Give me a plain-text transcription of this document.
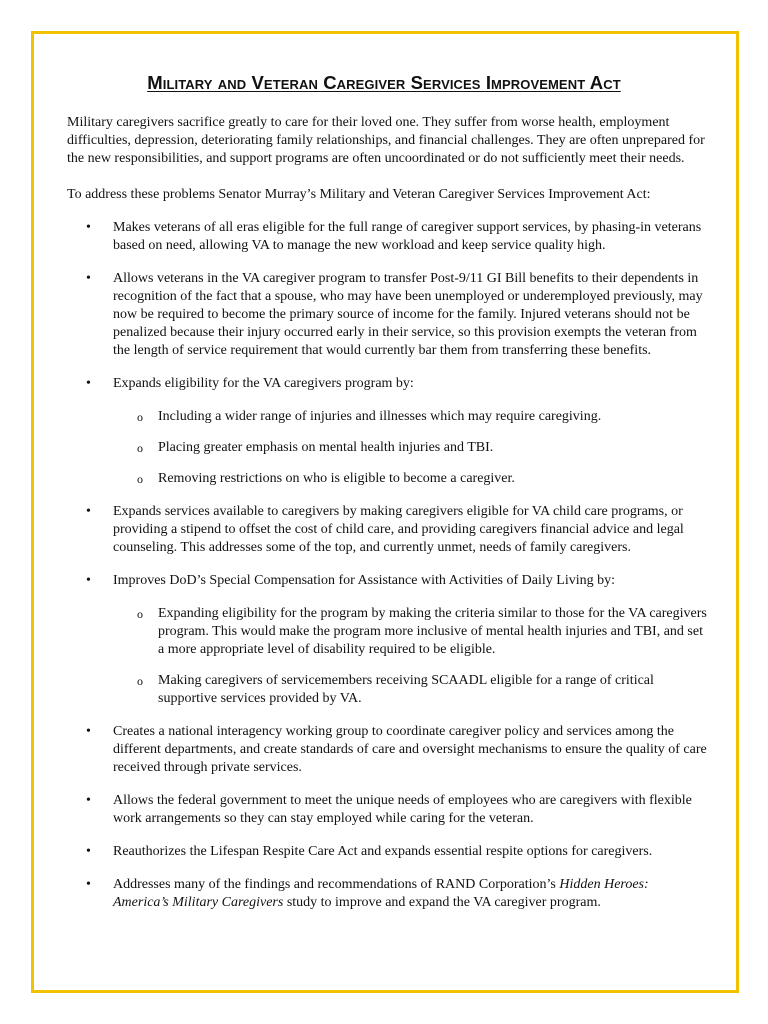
Military and Veteran Caregiver Services Improvement Act

Military caregivers sacrifice greatly to care for their loved one. They suffer from worse health, employment difficulties, depression, deteriorating family relationships, and financial challenges. They are often unprepared for the new responsibilities, and support programs are often uncoordinated or do not sufficiently meet their needs.

To address these problems Senator Murray’s Military and Veteran Caregiver Services Improvement Act:

• Makes veterans of all eras eligible for the full range of caregiver support services, by phasing-in veterans based on need, allowing VA to manage the new workload and keep service quality high.
• Allows veterans in the VA caregiver program to transfer Post-9/11 GI Bill benefits to their dependents in recognition of the fact that a spouse, who may have been unemployed or underemployed previously, may now be required to become the primary source of income for the family. Injured veterans should not be penalized because their injury occurred early in their service, so this provision exempts the veteran from the length of service requirement that would currently bar them from transferring these benefits.
• Expands eligibility for the VA caregivers program by:
o Including a wider range of injuries and illnesses which may require caregiving.
o Placing greater emphasis on mental health injuries and TBI.
o Removing restrictions on who is eligible to become a caregiver.
• Expands services available to caregivers by making caregivers eligible for VA child care programs, or providing a stipend to offset the cost of child care, and providing caregivers financial advice and legal counseling. This addresses some of the top, and currently unmet, needs of family caregivers.
• Improves DoD’s Special Compensation for Assistance with Activities of Daily Living by:
o Expanding eligibility for the program by making the criteria similar to those for the VA caregivers program. This would make the program more inclusive of mental health injuries and TBI, and set a more appropriate level of disability required to be eligible.
o Making caregivers of servicemembers receiving SCAADL eligible for a range of critical supportive services provided by VA.
• Creates a national interagency working group to coordinate caregiver policy and services among the different departments, and create standards of care and oversight mechanisms to ensure the quality of care received through private services.
• Allows the federal government to meet the unique needs of employees who are caregivers with flexible work arrangements so they can stay employed while caring for the veteran.
• Reauthorizes the Lifespan Respite Care Act and expands essential respite options for caregivers.
• Addresses many of the findings and recommendations of RAND Corporation’s Hidden Heroes: America’s Military Caregivers study to improve and expand the VA caregiver program.
